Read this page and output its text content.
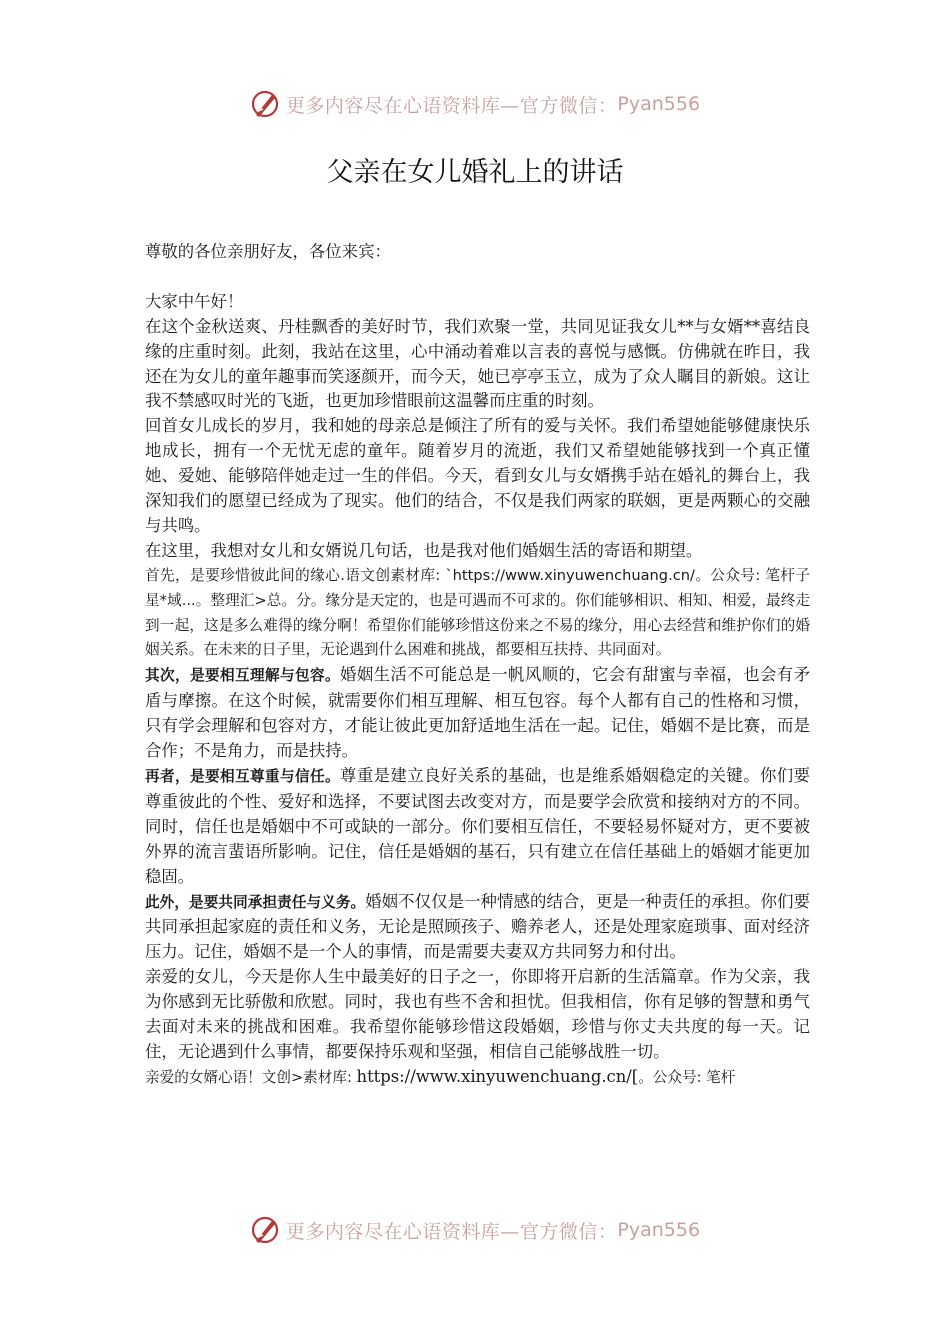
更多内容尽在心语资料库—官方微信： Pyan556
父亲在女儿婚礼上的讲话

尊敬的各位亲朋好友，各位来宾：

大家中午好！

在这个金秋送爽、丹桂飘香的美好时节，我们欢聚一堂，共同见证我女儿**与女婿**喜结良缘的庄重时刻。此刻，我站在这里，心中涌动着难以言表的喜悦与感慨。仿佛就在昨日，我还在为女儿的童年趣事而笑逐颜开，而今天，她已亭亭玉立，成为了众人瞩目的新娘。这让我不禁感叹时光的飞逝，也更加珍惜眼前这温馨而庄重的时刻。

回首女儿成长的岁月，我和她的母亲总是倾注了所有的爱与关怀。我们希望她能够健康快乐地成长，拥有一个无忧无虑的童年。随着岁月的流逝，我们又希望她能够找到一个真正懂她、爱她、能够陪伴她走过一生的伴侣。今天，看到女儿与女婿携手站在婚礼的舞台上，我深知我们的愿望已经成为了现实。他们的结合，不仅是我们两家的联姻，更是两颗心的交融与共鸣。

在这里，我想对女儿和女婿说几句话，也是我对他们婚姻生活的寄语和期望。

首先，是要珍惜彼此间的缘心.语文创素材库: `https://www.xinyuwenchuang.cn/。公众号: 笔杆子星*域...。整理汇>总。分。缘分是天定的，也是可遇而不可求的。你们能够相识、相知、相爱，最终走到一起，这是多么难得的缘分啊！希望你们能够珍惜这份来之不易的缘分，用心去经营和维护你们的婚姻关系。在未来的日子里，无论遇到什么困难和挑战，都要相互扶持、共同面对。

其次，是要相互理解与包容。婚姻生活不可能总是一帆风顺的，它会有甜蜜与幸福，也会有矛盾与摩擦。在这个时候，就需要你们相互理解、相互包容。每个人都有自己的性格和习惯，只有学会理解和包容对方，才能让彼此更加舒适地生活在一起。记住，婚姻不是比赛，而是合作；不是角力，而是扶持。

再者，是要相互尊重与信任。尊重是建立良好关系的基础，也是维系婚姻稳定的关键。你们要尊重彼此的个性、爱好和选择，不要试图去改变对方，而是要学会欣赏和接纳对方的不同。同时，信任也是婚姻中不可或缺的一部分。你们要相互信任，不要轻易怀疑对方，更不要被外界的流言蜚语所影响。记住，信任是婚姻的基石，只有建立在信任基础上的婚姻才能更加稳固。

此外，是要共同承担责任与义务。婚姻不仅仅是一种情感的结合，更是一种责任的承担。你们要共同承担起家庭的责任和义务，无论是照顾孩子、赡养老人，还是处理家庭琐事、面对经济压力。记住，婚姻不是一个人的事情，而是需要夫妻双方共同努力和付出。

亲爱的女儿，今天是你人生中最美好的日子之一，你即将开启新的生活篇章。作为父亲，我为你感到无比骄傲和欣慰。同时，我也有些不舍和担忧。但我相信，你有足够的智慧和勇气去面对未来的挑战和困难。我希望你能够珍惜这段婚姻，珍惜与你丈夫共度的每一天。记住，无论遇到什么事情，都要保持乐观和坚强，相信自己能够战胜一切。

亲爱的女婿心语！文创>素材库: https://www.xinyuwenchuang.cn/[。公众号: 笔杆

更多内容尽在心语资料库—官方微信： Pyan556
